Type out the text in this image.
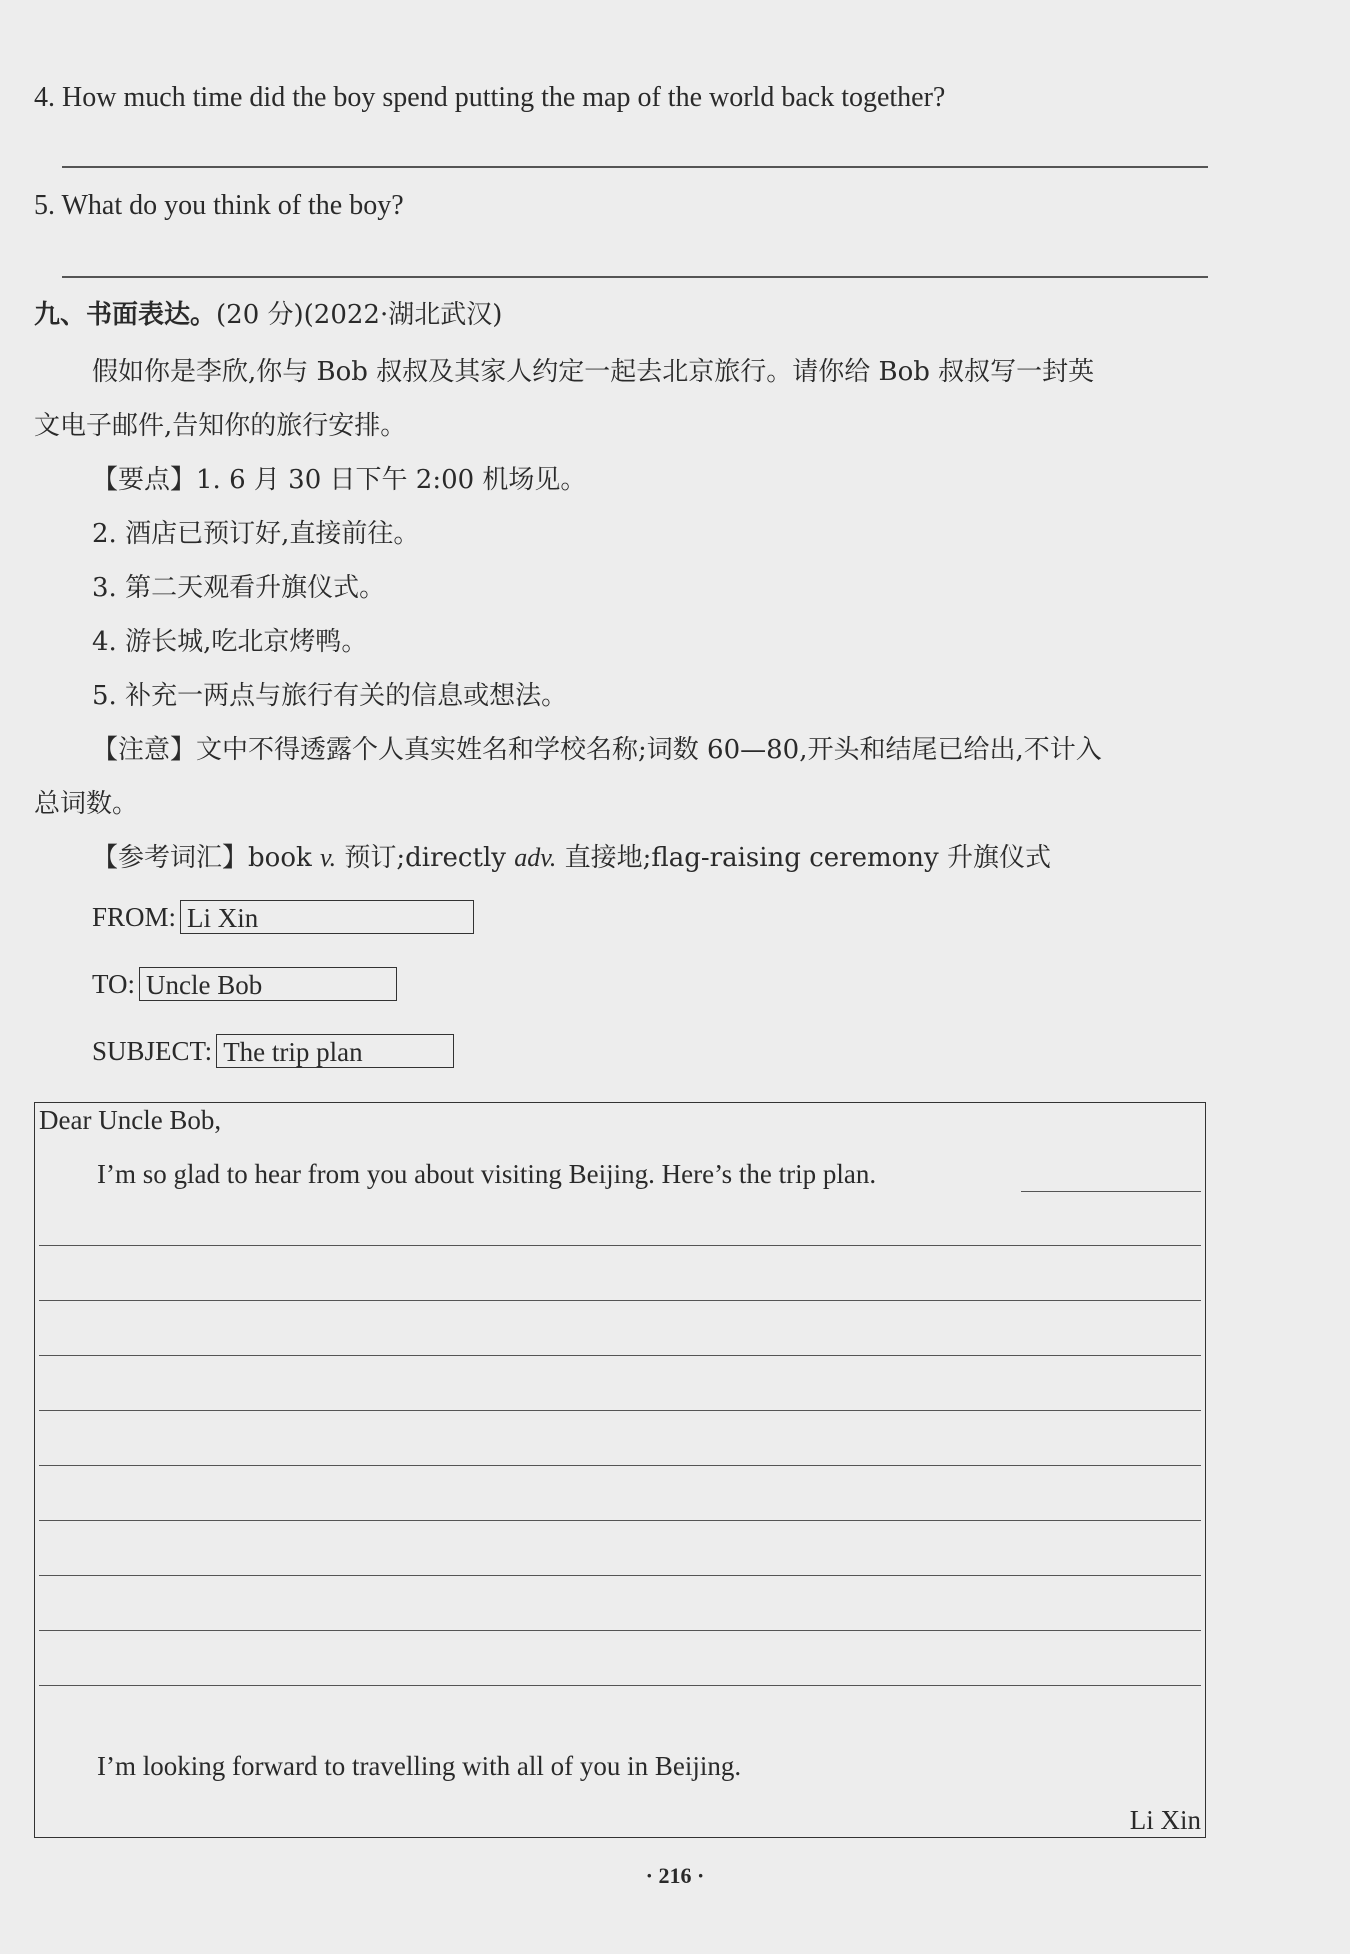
4. How much time did the boy spend putting the map of the world back together?
5. What do you think of the boy?
九、书面表达。(20 分)(2022·湖北武汉)
假如你是李欣,你与 Bob 叔叔及其家人约定一起去北京旅行。请你给 Bob 叔叔写一封英
文电子邮件,告知你的旅行安排。
【要点】1. 6 月 30 日下午 2:00 机场见。
2. 酒店已预订好,直接前往。
3. 第二天观看升旗仪式。
4. 游长城,吃北京烤鸭。
5. 补充一两点与旅行有关的信息或想法。
【注意】文中不得透露个人真实姓名和学校名称;词数 60—80,开头和结尾已给出,不计入
总词数。
【参考词汇】book v. 预订;directly adv. 直接地;flag-raising ceremony 升旗仪式
FROM: Li Xin
TO: Uncle Bob
SUBJECT: The trip plan
Dear Uncle Bob,
I’m so glad to hear from you about visiting Beijing. Here’s the trip plan.
I’m looking forward to travelling with all of you in Beijing.
Li Xin
· 216 ·
